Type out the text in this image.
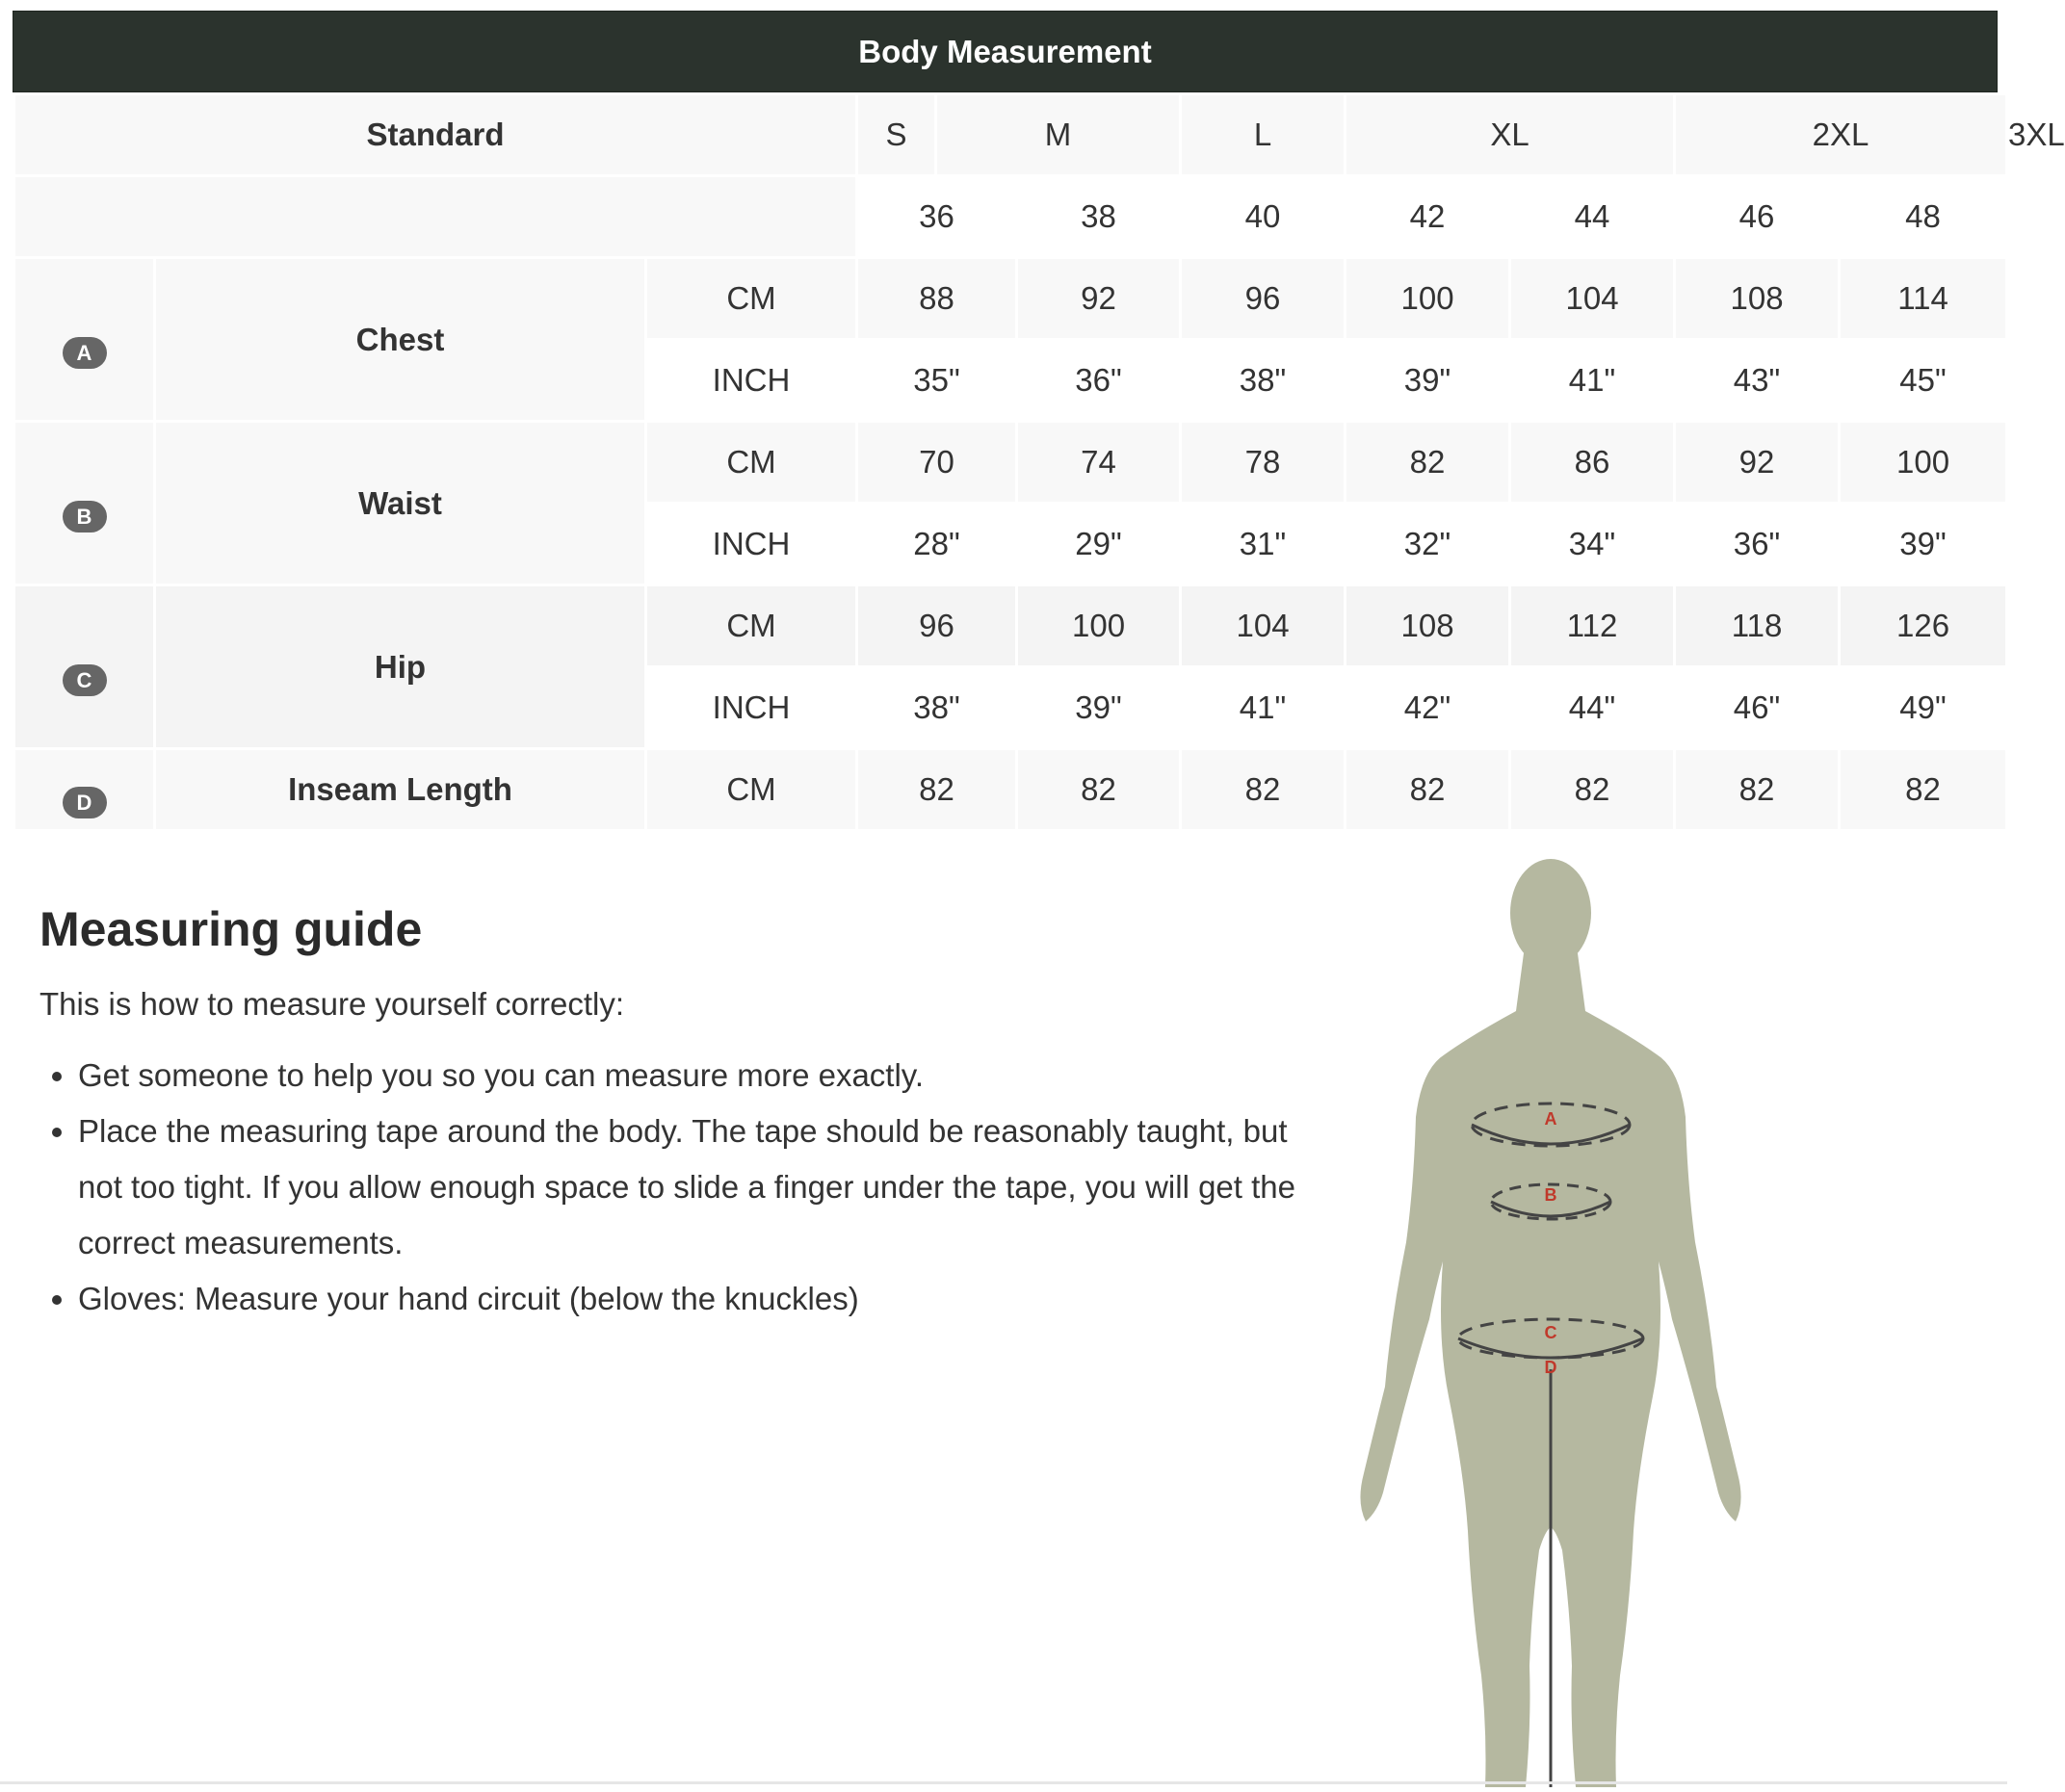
Body Measurement
Standard			S	M		L	XL		2XL		3XL
			36		38	40	42	44	46	48	
A	Chest	CM	88		92	96	100	104	108	114	
		INCH	35"		36"	38"	39"	41"	43"	45"	
B	Waist	CM	70		74	78	82	86	92	100	
		INCH	28"		29"	31"	32"	34"	36"	39"	
C	Hip	CM	96		100	104	108	112	118	126	
		INCH	38"		39"	41"	42"	44"	46"	49"	
D	Inseam Length	CM	82		82	82	82	82	82	82	
Measuring guide

This is how to measure yourself correctly:

• Get someone to help you so you can measure more exactly.
• Place the measuring tape around the body. The tape should be reasonably taught, but not too tight. If you allow enough space to slide a finger under the tape, you will get the correct measurements.
• Gloves: Measure your hand circuit (below the knuckles)
A
B
C
D
